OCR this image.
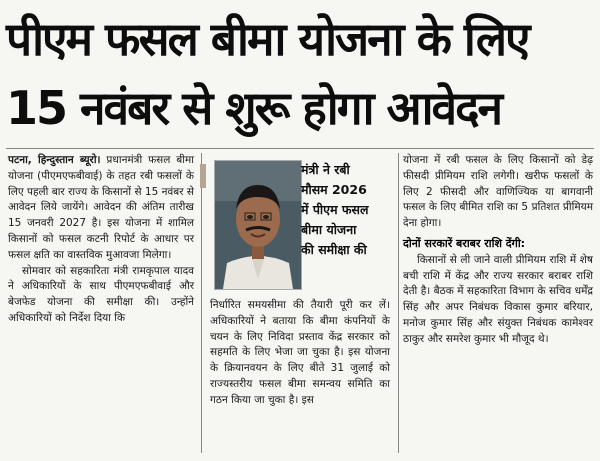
पीएम फसल बीमा योजना के लिए
15 नवंबर से शुरू होगा आवेदन

पटना, हिन्दुस्तान ब्यूरो। प्रधानमंत्री फसल बीमा योजना (पीएमएफबीवाई) के तहत रबी फसलों के लिए पहली बार राज्य के किसानों से 15 नवंबर से आवेदन लिये जायेंगे। आवेदन की अंतिम तारीख 15 जनवरी 2027 है। इस योजना में शामिल किसानों को फसल कटनी रिपोर्ट के आधार पर फसल क्षति का वास्तविक मुआवजा मिलेगा।

सोमवार को सहकारिता मंत्री रामकृपाल यादव ने अधिकारियों के साथ पीएमएफबीवाई और बेजफेड योजना की समीक्षा की। उन्होंने अधिकारियों को निर्देश दिया कि

मंत्री ने रबी
मौसम 2026
में पीएम फसल
बीमा योजना
की समीक्षा की

निर्धारित समयसीमा की तैयारी पूरी कर लें। अधिकारियों ने बताया कि बीमा कंपनियों के चयन के लिए निविदा प्रस्ताव केंद्र सरकार को सहमति के लिए भेजा जा चुका है। इस योजना के क्रियानवयन के लिए बीते 31 जुलाई को राज्यस्तरीय फसल बीमा समन्वय समिति का गठन किया जा चुका है। इस

योजना में रबी फसल के लिए किसानों को डेढ़ फीसदी प्रीमियम राशि लगेगी। खरीफ फसलों के लिए 2 फीसदी और वाणिज्यिक या बागवानी फसल के लिए बीमित राशि का 5 प्रतिशत प्रीमियम देना होगा।

दोनों सरकारें बराबर राशि देंगी:

किसानों से ली जाने वाली प्रीमियम राशि में शेष बची राशि में केंद्र और राज्य सरकार बराबर राशि देती है। बैठक में सहकारिता विभाग के सचिव धर्मेंद्र सिंह और अपर निबंधक विकास कुमार बरियार, मनोज कुमार सिंह और संयुक्त निबंधक कामेश्वर ठाकुर और समरेश कुमार भी मौजूद थे।
